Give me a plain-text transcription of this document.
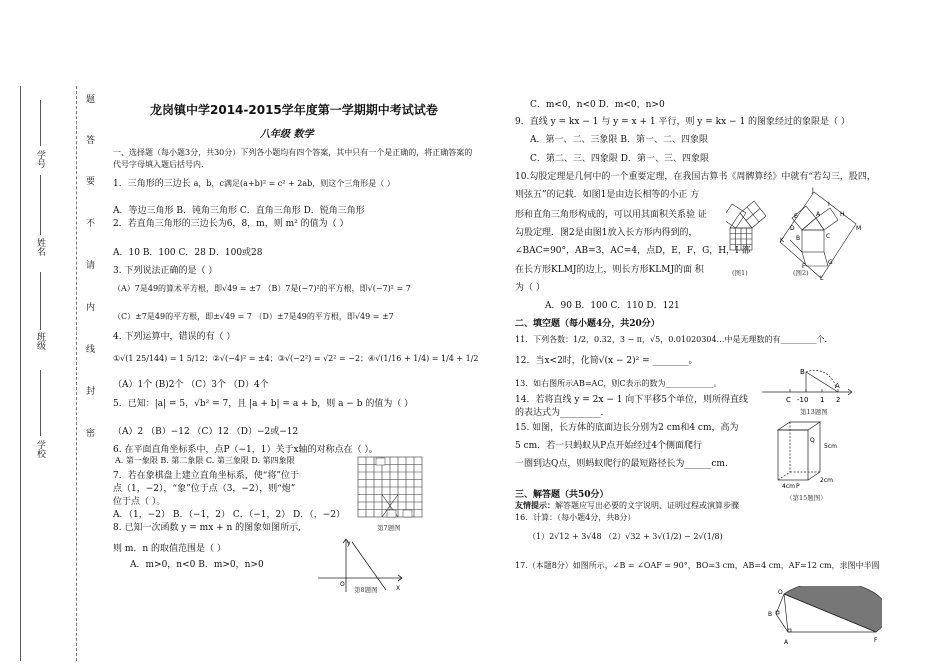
学号
姓名
班级
学校
题
答
要
不
请
内
线
封
密
龙岗镇中学2014-2015学年度第一学期期中考试试卷
八年级 数学
一、选择题（每小题3分，共30分）下列各小题均有四个答案，其中只有一个是正确的，将正确答案的
代号字母填入题后括号内.
1．三角形的三边长 a，b，c满足(a+b)² = c² + 2ab，则这个三角形是（ ）
A．等边三角形 B．钝角三角形 C．直角三角形 D．锐角三角形
2．若直角三角形的三边长为6，8，m，则 m² 的值为（ ）
A．10 B．100 C．28 D．100或28
3. 下列说法正确的是（ ）
（A）7是49的算术平方根，即√49 = ±7 （B）7是(−7)²的平方根，即√(−7)² = 7
（C）±7是49的平方根，即±√49 = 7 （D）±7是49的平方根，即√49 = ±7
4. 下列运算中，错误的有（ ）
①√(1 25/144) = 1 5/12；②√(−4)² = ±4；③√(−2²) = √2² = −2；④√(1/16 + 1/4) = 1/4 + 1/2
（A）1个 (B)2个 （C）3个 （D）4个
5．已知：|a| = 5，√b² = 7，且 |a + b| = a + b，则 a − b 的值为（ ）
（A）2 （B）−12 （C）12 （D）−2或−12
6. 在平面直角坐标系中，点P（−1，1）关于x轴的对称点在（ ）。
A. 第一象限 B. 第二象限 C. 第三象限 D. 第四象限
7．若在象棋盘上建立直角坐标系，使“将”位于
点（1，−2），“象”位于点（3，−2），则“炮”
位于点（ ）。
A．（1，−2） B．（−1，2） C．（−1，2） D．（，−2）
第7题图
8. 已知一次函数 y = mx + n 的图象如图所示,
则 m．n 的取值范围是（ ）
A．m>0，n<0 B．m>0，n>0
y
O
X
第8题图
C．m<0，n<0 D．m<0，n>0
9．直线 y = kx − 1 与 y = x + 1 平行，则 y = kx − 1 的图象经过的象限是（ ）
A．第一、二、三象限 B．第一、二、四象限
C．第二、三、四象限 D．第一、三、四象限
10.勾股定理是几何中的一个重要定理，在我国古算书《周髀算经》中就有“若勾三，股四，
则弦五”的记载．如图1是由边长相等的小正 方
形和直角三角形构成的，可以用其面积关系验 证
勾股定理．图2是由图1放入长方形内得到的，
∠BAC=90°，AB=3，AC=4，点D，E，F，G，H，I 都
在长方形KLMJ的边上，则长方形KLMJ的面 积
为（ ）
A．90 B．100 C．110 D．121
(图1)
J
E
D
K
A
I
H
M
B	C
G
F
L
(图2)
二、填空题（每小题4分，共20分）
11．下列各数：1/2，0.32，3 − π，√5，0.01020304…中是无理数的有_________个.
12．当x<2时，化简√(x − 2)² = ________。
13．如右图所示AB=AC，则C表示的数为____________。
B
A
C -1 0 1 2
第13题图
14．若将直线 y = 2x − 1 向下平移5个单位，则所得直线
的表达式为_________.
15. 如图，长方体的底面边长分别为2 cm和4 cm，高为
5 cm．若一只蚂蚁从P点开始经过4个侧面爬行
一圈到达Q点，则蚂蚁爬行的最短路径长为______cm.
Q
5cm
P
2cm
4cm
（第15题图）
三、解答题（共50分）
友情提示：解答题应写出必要的文字说明、证明过程或演算步骤
16．计算：（每小题4分，共8分）
（1）2√12 + 3√48 （2）√32 + 3√(1/2) − 2√(1/8)
17.（本题8分）如图所示，∠B = ∠OAF = 90°，BO=3 cm，AB=4 cm，AF=12 cm，求图中半圆
O
B
A	F
